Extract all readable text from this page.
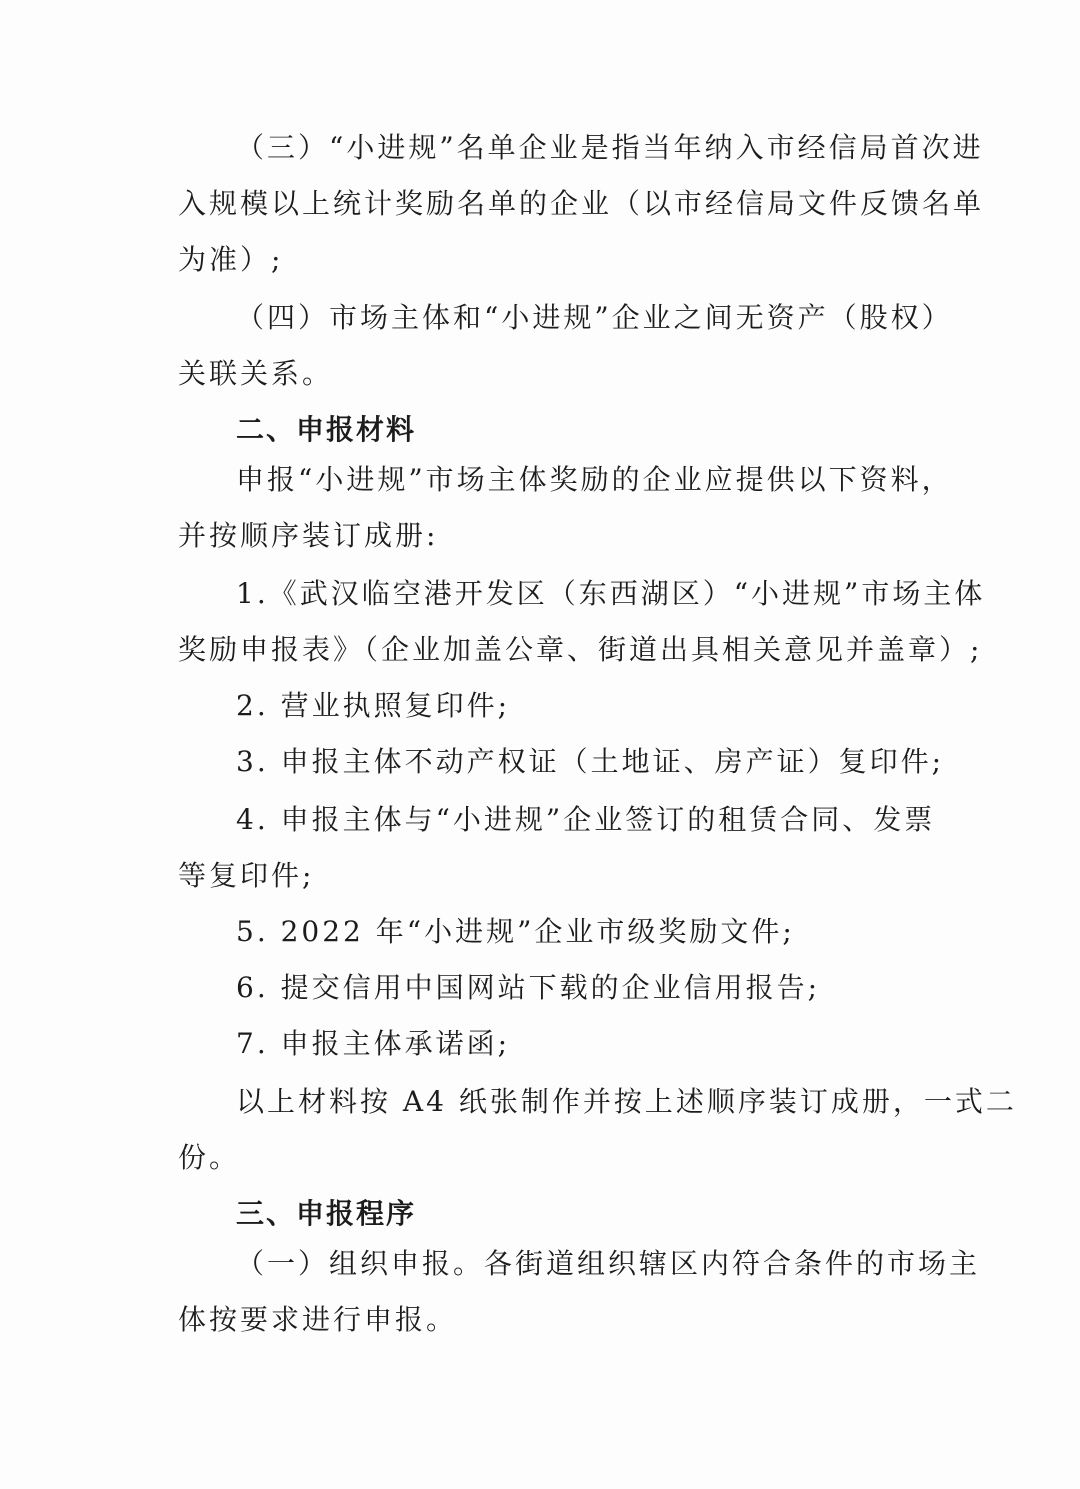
（三）“小进规”名单企业是指当年纳入市经信局首次进
入规模以上统计奖励名单的企业（以市经信局文件反馈名单
为准）;
（四）市场主体和“小进规”企业之间无资产（股权）
关联关系。
二、申报材料
申报“小进规”市场主体奖励的企业应提供以下资料，
并按顺序装订成册:
1.《武汉临空港开发区（东西湖区）“小进规”市场主体
奖励申报表》（企业加盖公章、街道出具相关意见并盖章）;
2. 营业执照复印件;
3. 申报主体不动产权证（土地证、房产证）复印件;
4. 申报主体与“小进规”企业签订的租赁合同、发票
等复印件;
5. 2022 年“小进规”企业市级奖励文件;
6. 提交信用中国网站下载的企业信用报告;
7. 申报主体承诺函;
以上材料按 A4 纸张制作并按上述顺序装订成册，一式二
份。
三、申报程序
（一）组织申报。各街道组织辖区内符合条件的市场主
体按要求进行申报。
